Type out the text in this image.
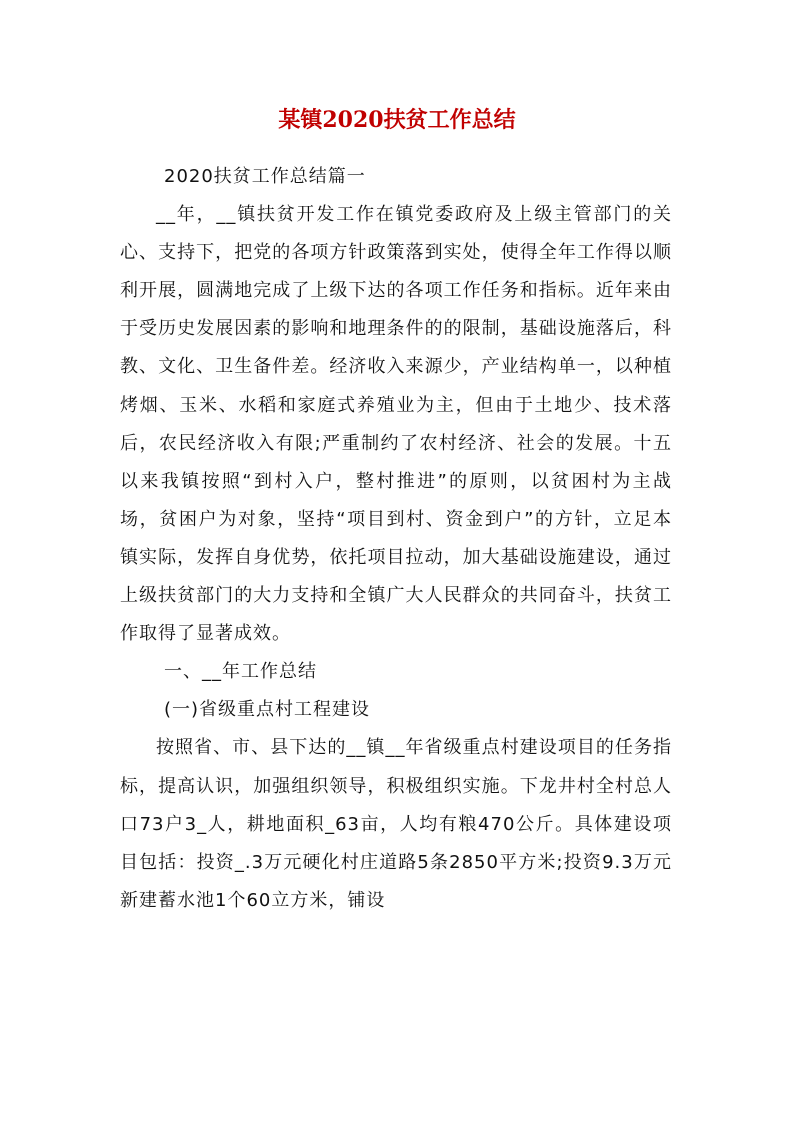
某镇2020扶贫工作总结

2020扶贫工作总结篇一

__年，__镇扶贫开发工作在镇党委政府及上级主管部门的关心、支持下，把党的各项方针政策落到实处，使得全年工作得以顺利开展，圆满地完成了上级下达的各项工作任务和指标。近年来由于受历史发展因素的影响和地理条件的的限制，基础设施落后，科教、文化、卫生备件差。经济收入来源少，产业结构单一，以种植烤烟、玉米、水稻和家庭式养殖业为主，但由于土地少、技术落后，农民经济收入有限;严重制约了农村经济、社会的发展。十五以来我镇按照“到村入户，整村推进”的原则，以贫困村为主战场，贫困户为对象，坚持“项目到村、资金到户”的方针，立足本镇实际，发挥自身优势，依托项目拉动，加大基础设施建设，通过上级扶贫部门的大力支持和全镇广大人民群众的共同奋斗，扶贫工作取得了显著成效。

一、__年工作总结

(一)省级重点村工程建设

按照省、市、县下达的__镇__年省级重点村建设项目的任务指标，提高认识，加强组织领导，积极组织实施。下龙井村全村总人口73户3_人，耕地面积_63亩，人均有粮470公斤。具体建设项目包括：投资_.3万元硬化村庄道路5条2850平方米;投资9.3万元新建蓄水池1个60立方米，铺设
